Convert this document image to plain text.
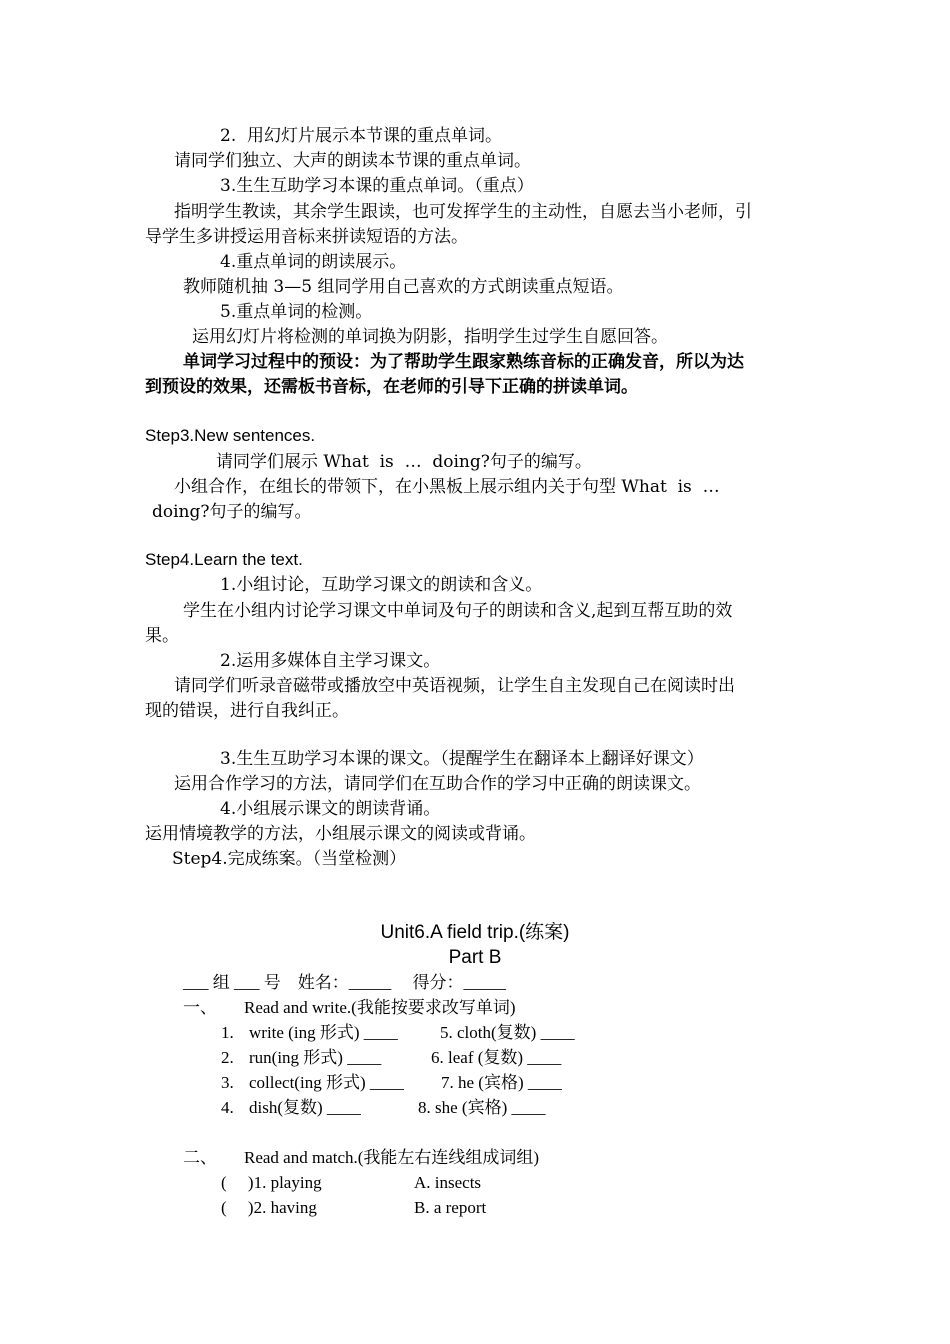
2.  用幻灯片展示本节课的重点单词。
请同学们独立、大声的朗读本节课的重点单词。
3.生生互助学习本课的重点单词。（重点）
指明学生教读，其余学生跟读，也可发挥学生的主动性，自愿去当小老师，引
导学生多讲授运用音标来拼读短语的方法。
4.重点单词的朗读展示。
教师随机抽 3—5 组同学用自己喜欢的方式朗读重点短语。
5.重点单词的检测。
运用幻灯片将检测的单词换为阴影，指明学生过学生自愿回答。
单词学习过程中的预设：为了帮助学生跟家熟练音标的正确发音，所以为达
到预设的效果，还需板书音标，在老师的引导下正确的拼读单词。
Step3.New sentences.
请同学们展示 What  is  …  doing?句子的编写。
小组合作，在组长的带领下，在小黑板上展示组内关于句型 What  is  …
doing?句子的编写。
Step4.Learn the text.
1.小组讨论，互助学习课文的朗读和含义。
学生在小组内讨论学习课文中单词及句子的朗读和含义,起到互帮互助的效
果。
2.运用多媒体自主学习课文。
请同学们听录音磁带或播放空中英语视频，让学生自主发现自己在阅读时出
现的错误，进行自我纠正。
3.生生互助学习本课的课文。（提醒学生在翻译本上翻译好课文）
运用合作学习的方法，请同学们在互助合作的学习中正确的朗读课文。
4.小组展示课文的朗读背诵。
运用情境教学的方法，小组展示课文的阅读或背诵。
Step4.完成练案。（当堂检测）
Unit6.A field trip.(练案)
Part B
___ 组 ___ 号    姓名：_____     得分：_____
一、 Read and write.(我能按要求改写单词)
1. write (ing 形式) ____ 5. cloth(复数) ____
2. run(ing 形式) ____	6. leaf (复数) ____
3. collect(ing 形式) ____ 7. he (宾格) ____
4. dish(复数) ____	8. she (宾格) ____
二、 Read and match.(我能左右连线组成词组)
(     )1. playing	A. insects
(     )2. having	B. a report
